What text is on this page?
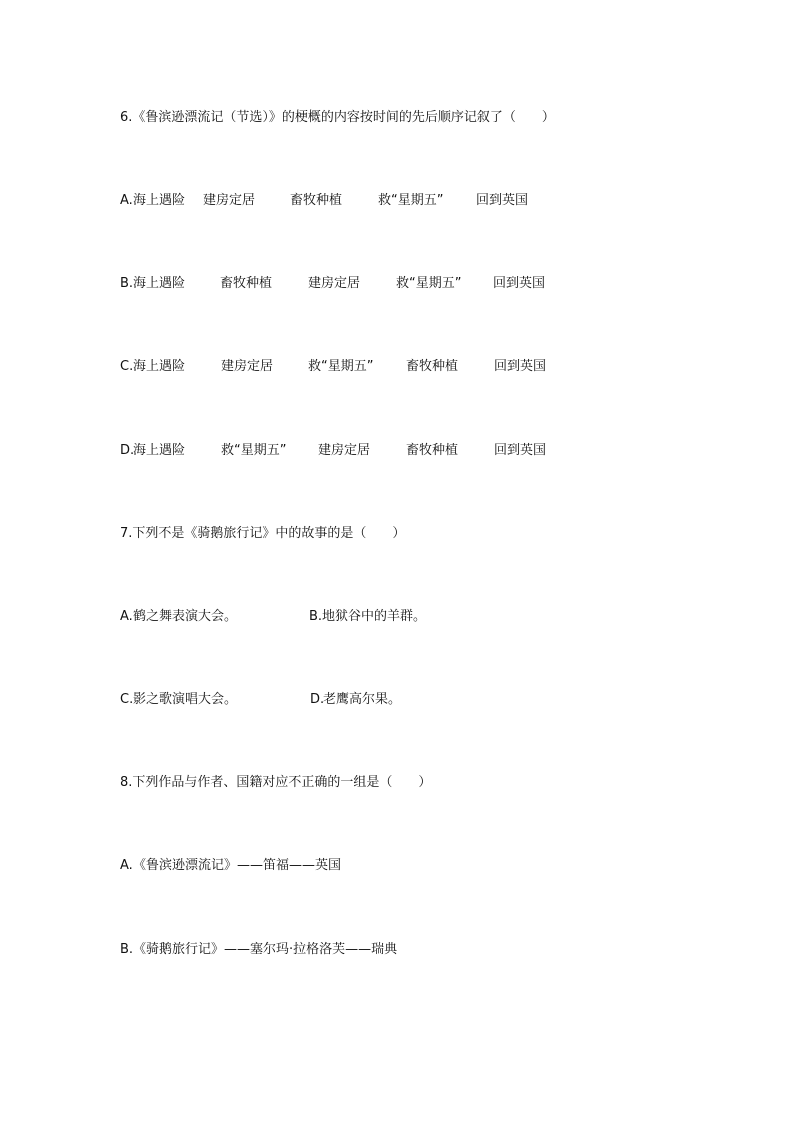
6.《鲁滨逊漂流记（节选）》的梗概的内容按时间的先后顺序记叙了（　　）

A.

海上遇险

建房定居

	畜牧种植

	救“星期五”

	回到英国

B.

海上遇险

	畜牧种植

	建房定居

	救“星期五”

回到英国

C.

海上遇险

	建房定居

	救“星期五”

	畜牧种植

	回到英国

D.

海上遇险

	救“星期五”

建房定居

	畜牧种植

	回到英国

7.下列不是《骑鹅旅行记》中的故事的是（　　）

A.

鹤之舞表演大会。

	B.

地狱谷中的羊群。

C.

影之歌演唱大会。

	D.

老鹰高尔果。

8.下列作品与作者、国籍对应不正确的一组是（　　）

A.

《鲁滨逊漂流记》——笛福——英国

B.

《骑鹅旅行记》——塞尔玛·拉格洛芙——瑞典
